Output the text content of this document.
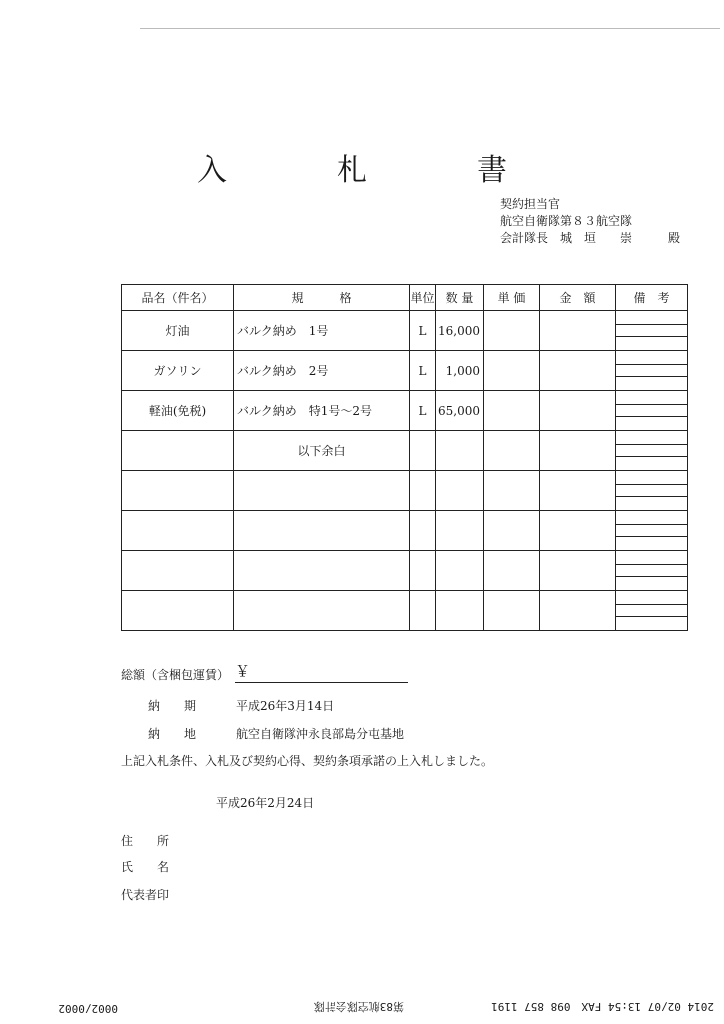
入　札　書
契約担当官
航空自衛隊第８３航空隊
会計隊長　城　垣　　崇　　　殿
品名（件名）	規　　　格	単位	数 量	単 価	金　額	備　考
灯油	バルク納め　1号	L	16,000			

ガソリン	バルク納め　2号	L	1,000			

軽油(免税)	バルク納め　特1号～2号	L	65,000			

	以下余白					

総額（含梱包運賃） ￥
納　　期	平成26年3月14日
納　　地	航空自衛隊沖永良部島分屯基地
上記入札条件、入札及び契約心得、契約条項承諾の上入札しました。
平成26年2月24日
住　　所
氏　　名
代表者印
2014 02/07 13:54 FAX　098 857 1191
第83航空隊会計隊
0002/0002
